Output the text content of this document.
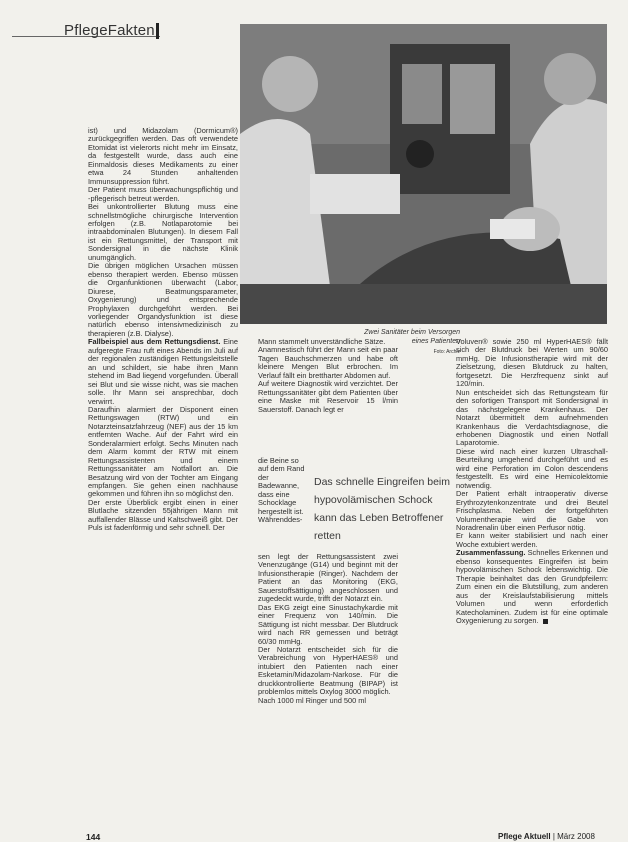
PflegeFakten
Zwei Sanitäter beim Versorgen eines Patienten
Foto: Archiv

ist) und Midazolam (Dormicum®) zurückgegriffen werden. Das oft verwendete Etomidat ist vielerorts nicht mehr im Einsatz, da festgestellt wurde, dass auch eine Einmaldosis dieses Medikaments zu einer etwa 24 Stunden anhaltenden Immunsuppression führt.

Der Patient muss überwachungspflichtig und -pflegerisch betreut werden.

Bei unkontrollierter Blutung muss eine schnellstmögliche chirurgische Intervention erfolgen (z.B. Notlaparotomie bei intraabdominalen Blutungen). In diesem Fall ist ein Rettungsmittel, der Transport mit Sondersignal in die nächste Klinik unumgänglich.

Die übrigen möglichen Ursachen müssen ebenso therapiert werden. Ebenso müssen die Organfunktionen überwacht (Labor, Diurese, Beatmungsparameter, Oxygenierung) und entsprechende Prophylaxen durchgeführt werden. Bei vorliegender Organdysfunktion ist diese natürlich ebenso intensivmedizinisch zu therapieren (z.B. Dialyse).

Fallbeispiel aus dem Rettungsdienst. Eine aufgeregte Frau ruft eines Abends im Juli auf der regionalen zuständigen Rettungsleitstelle an und schildert, sie habe ihren Mann stehend im Bad liegend vorgefunden. Überall sei Blut und sie wisse nicht, was sie machen solle. Ihr Mann sei ansprechbar, doch verwirrt.

Daraufhin alarmiert der Disponent einen Rettungswagen (RTW) und ein Notarzteinsatzfahrzeug (NEF) aus der 15 km entfernten Wache. Auf der Fahrt wird ein Sonderalarmiert erfolgt. Sechs Minuten nach dem Alarm kommt der RTW mit einem Rettungsassistenten und einem Rettungssanitäter am Notfallort an. Die Besatzung wird von der Tochter am Eingang empfangen. Sie gehen einen nachhause gekommen und führen ihn so möglichst den.

Der erste Überblick ergibt einen in einer Blutlache sitzenden 55jährigen Mann mit auffallender Blässe und Kaltschweiß gibt. Der Puls ist fadenförmig und sehr schnell. Der

Mann stammelt unverständliche Sätze.

Anamnestisch führt der Mann seit ein paar Tagen Bauchschmerzen und habe oft kleinere Mengen Blut erbrochen. Im Verlauf fällt ein brettharter Abdomen auf.

Auf weitere Diagnostik wird verzichtet. Der Rettungssanitäter gibt dem Patienten über eine Maske mit Reservoir 15 l/min Sauerstoff. Danach legt er

die Beine so auf dem Rand der Badewanne, dass eine Schocklage hergestellt ist. Währenddes-

sen legt der Rettungsassistent zwei Venenzugänge (G14) und beginnt mit der Infusionstherapie (Ringer). Nachdem der Patient an das Monitoring (EKG, Sauerstoffsättigung) angeschlossen und zugedeckt wurde, trifft der Notarzt ein.

Das EKG zeigt eine Sinustachykardie mit einer Frequenz von 140/min. Die Sättigung ist nicht messbar. Der Blutdruck wird nach RR gemessen und beträgt 60/30 mmHg.

Der Notarzt entscheidet sich für die Verabreichung von HyperHAES® und intubiert den Patienten nach einer Esketamin/Midazolam-Narkose. Für die druckkontrollierte Beatmung (BIPAP) ist problemlos mittels Oxylog 3000 möglich.

Nach 1000 ml Ringer und 500 ml

Das schnelle Eingreifen beim hypovolämischen Schock kann das Leben Betroffener retten

Voluven® sowie 250 ml HyperHAES® fällt sich der Blutdruck bei Werten um 90/60 mmHg. Die Infusionstherapie wird mit der Zielsetzung, diesen Blutdruck zu halten, fortgesetzt. Die Herzfrequenz sinkt auf 120/min.

Nun entscheidet sich das Rettungsteam für den sofortigen Transport mit Sondersignal in das nächstgelegene Krankenhaus. Der Notarzt übermittelt dem aufnehmenden Krankenhaus die Verdachtsdiagnose, die erhobenen Diagnostik und einen Notfall Laparotomie.

Diese wird nach einer kurzen Ultraschall-Beurteilung umgehend durchgeführt und es wird eine Perforation im Colon descendens festgestellt. Es wird eine Hemicolektomie notwendig.

Der Patient erhält intraoperativ diverse Erythrozytenkonzentrate und drei Beutel Frischplasma. Neben der fortgeführten Volumentherapie wird die Gabe von Noradrenalin über einen Perfusor nötig.

Er kann weiter stabilisiert und nach einer Woche extubiert werden.

Zusammenfassung. Schnelles Erkennen und ebenso konsequentes Eingreifen ist beim hypovolämischen Schock lebenswichtig. Die Therapie beinhaltet das den Grundpfeilern: Zum einen ein die Blutstillung, zum anderen aus der Kreislaufstabilisierung mittels Volumen und wenn erforderlich Katecholaminen. Zudem ist für eine optimale Oxygenierung zu sorgen.

144	Pflege Aktuell | März 2008
